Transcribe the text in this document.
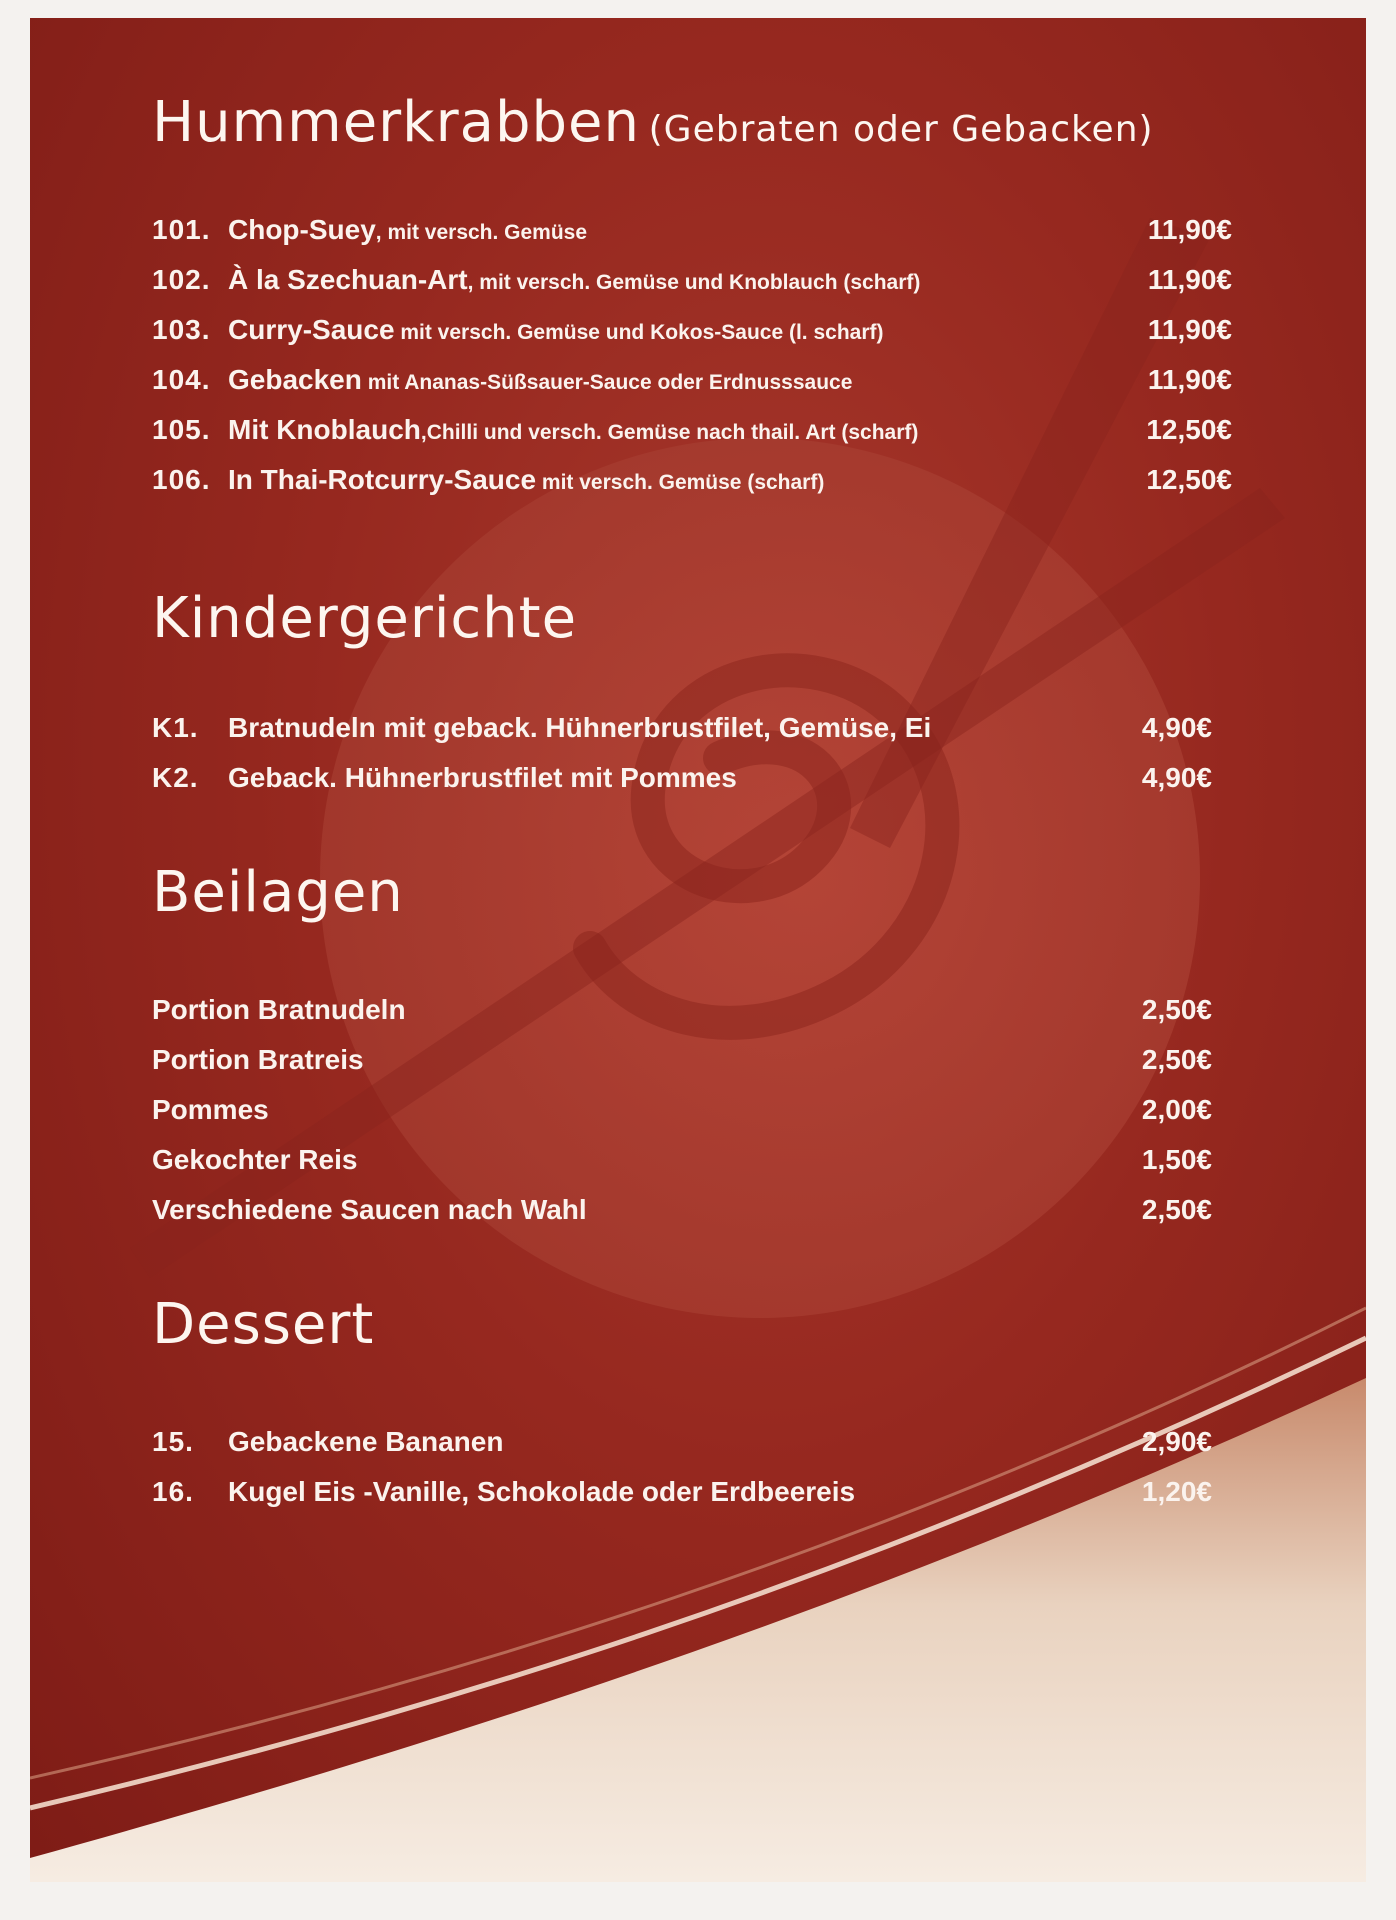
Hummerkrabben (Gebraten oder Gebacken)
101. Chop-Suey, mit versch. Gemüse	11,90€
102. À la Szechuan-Art, mit versch. Gemüse und Knoblauch (scharf)	11,90€
103. Curry-Sauce mit versch. Gemüse und Kokos-Sauce (l. scharf)	11,90€
104. Gebacken mit Ananas-Süßsauer-Sauce oder Erdnusssauce	11,90€
105. Mit Knoblauch,Chilli und versch. Gemüse nach thail. Art (scharf)	12,50€
106. In Thai-Rotcurry-Sauce mit versch. Gemüse (scharf)	12,50€
Kindergerichte
K1. Bratnudeln mit geback. Hühnerbrustfilet, Gemüse, Ei	4,90€
K2. Geback. Hühnerbrustfilet mit Pommes	4,90€
Beilagen
Portion Bratnudeln	2,50€
Portion Bratreis	2,50€
Pommes	2,00€
Gekochter Reis	1,50€
Verschiedene Saucen nach Wahl	2,50€
Dessert
15. Gebackene Bananen	2,90€
16. Kugel Eis -Vanille, Schokolade oder Erdbeereis	1,20€
